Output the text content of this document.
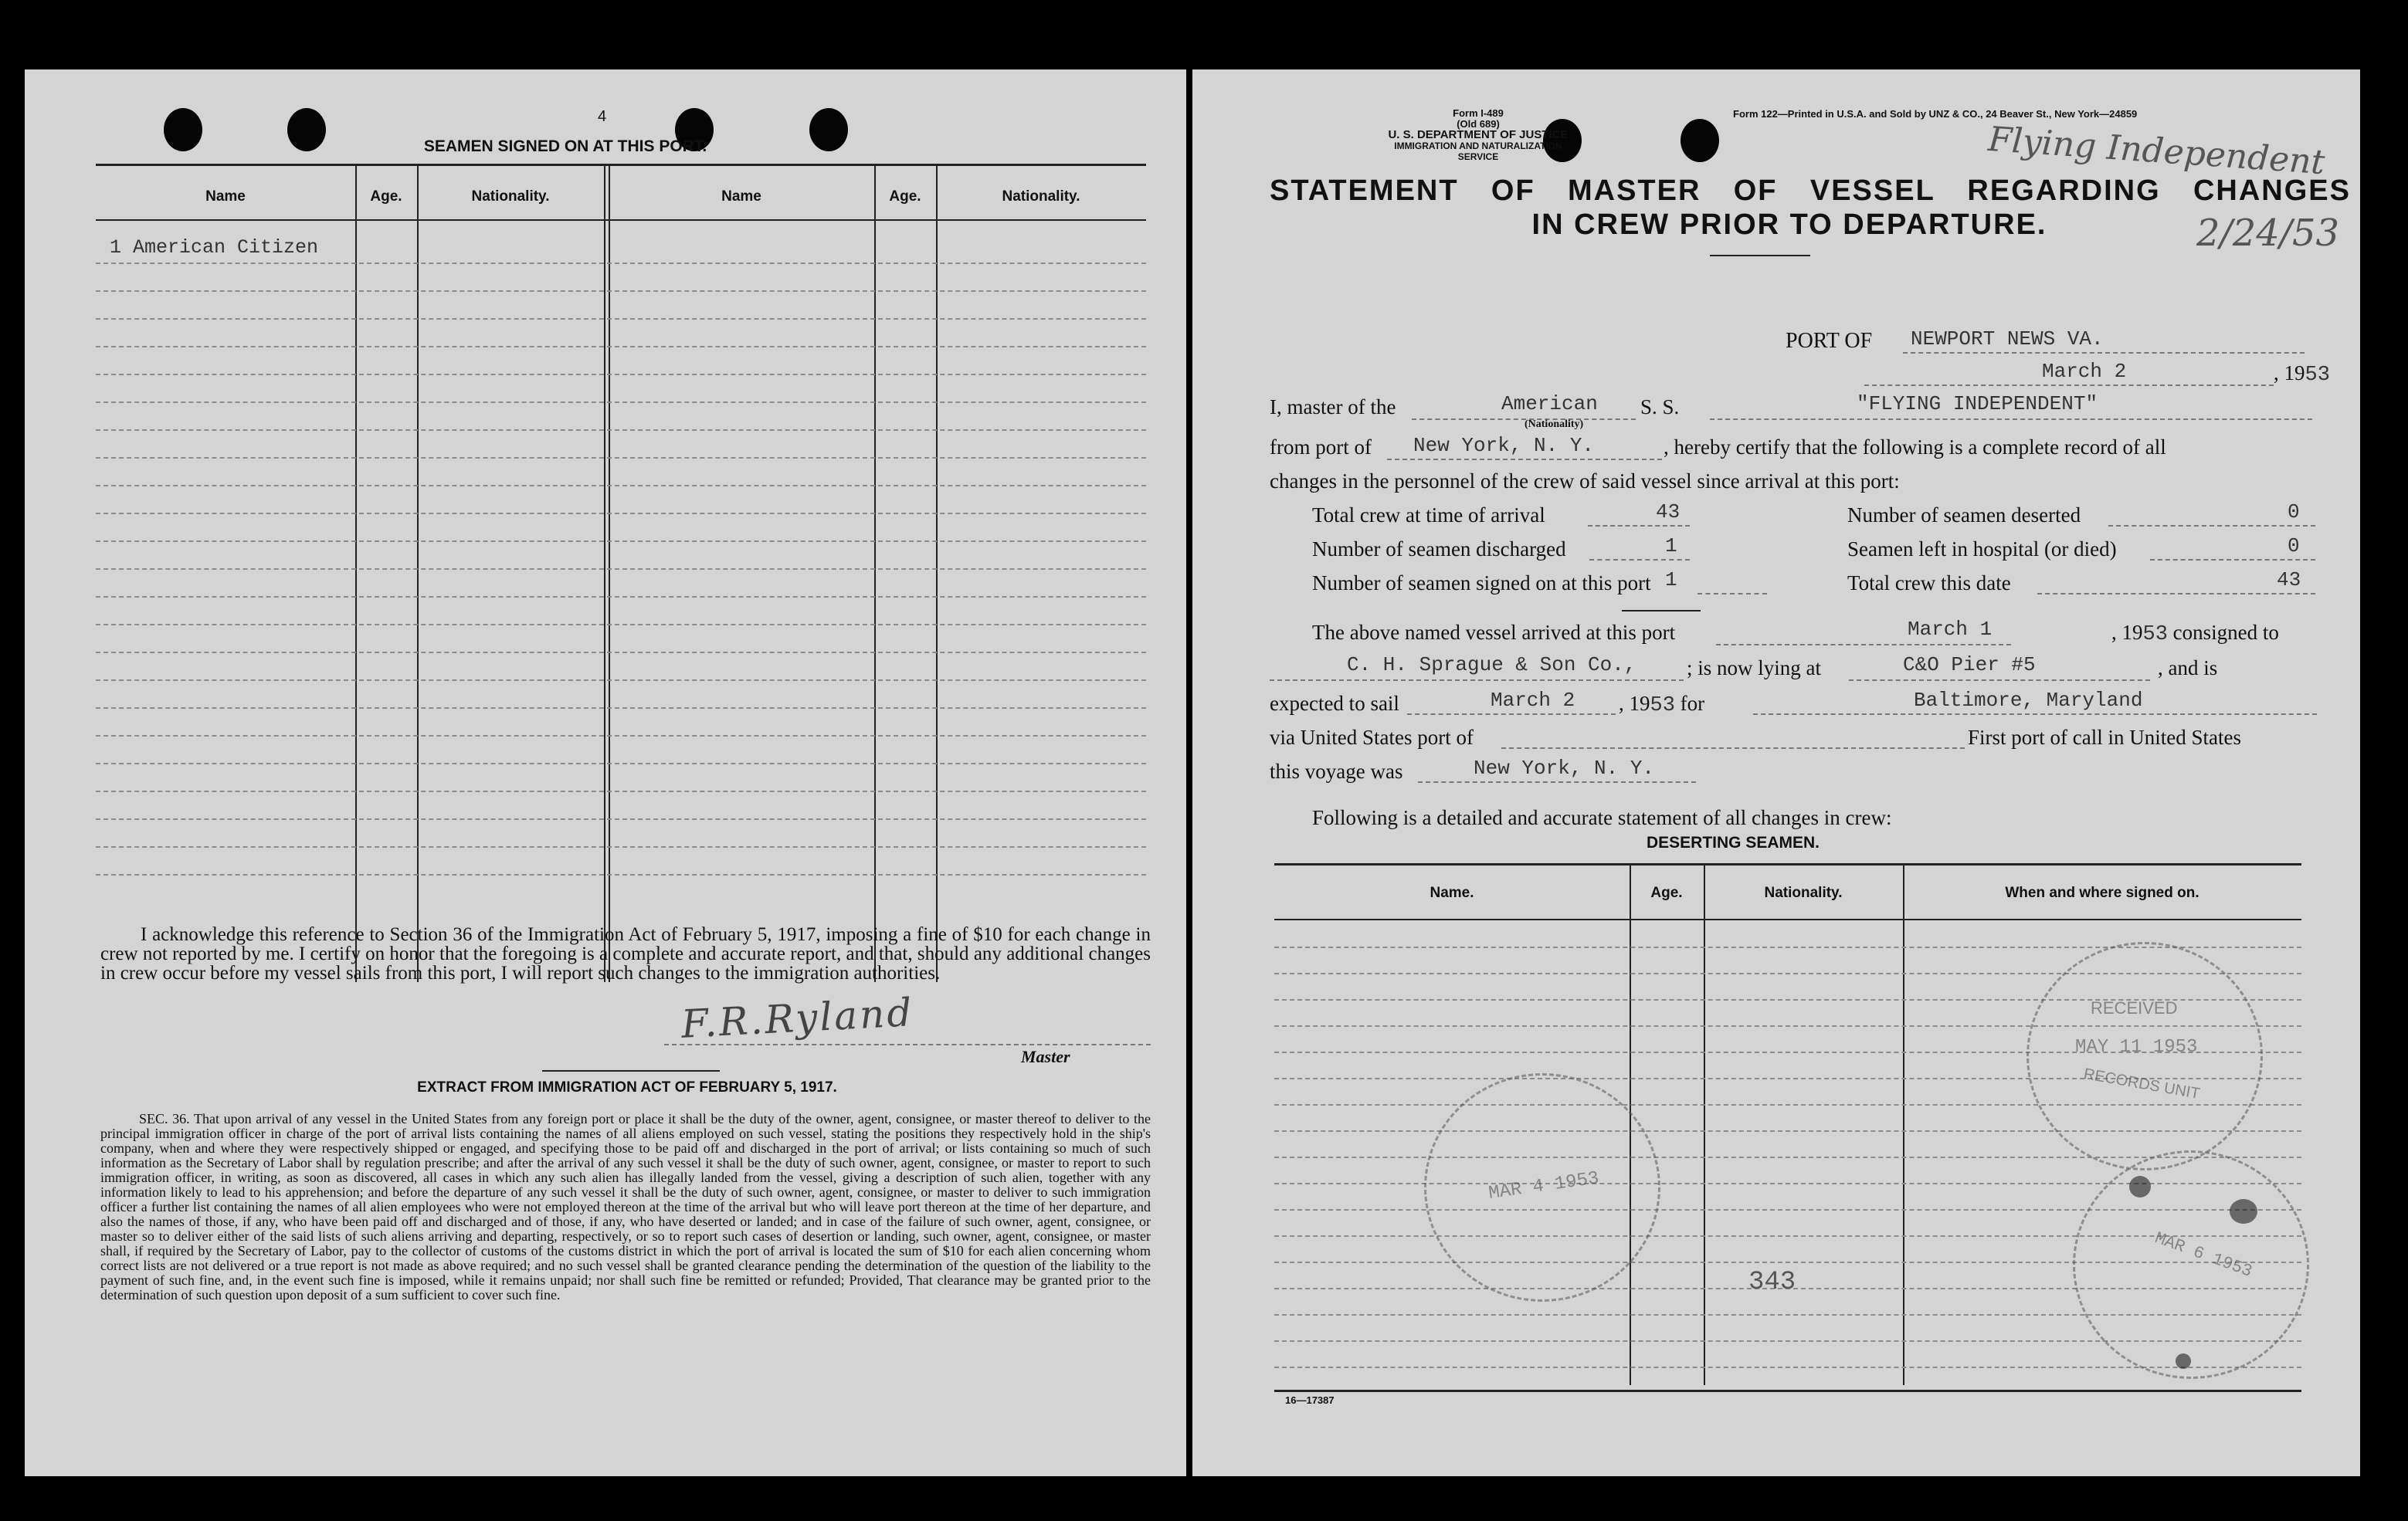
4
SEAMEN SIGNED ON AT THIS PORT.
Name	Age.	Nationality.	Name	Age.	Nationality.
1 American Citizen
I acknowledge this reference to Section 36 of the Immigration Act of February 5, 1917, imposing a fine of $10 for each change in crew not reported by me. I certify on honor that the foregoing is a complete and accurate report, and that, should any additional changes in crew occur before my vessel sails from this port, I will report such changes to the immigration authorities.
F.R.Ryland
Master
EXTRACT FROM IMMIGRATION ACT OF FEBRUARY 5, 1917.
SEC. 36. That upon arrival of any vessel in the United States from any foreign port or place it shall be the duty of the owner, agent, consignee, or master thereof to deliver to the principal immigration officer in charge of the port of arrival lists containing the names of all aliens employed on such vessel, stating the positions they respectively hold in the ship's company, when and where they were respectively shipped or engaged, and specifying those to be paid off and discharged in the port of arrival; or lists containing so much of such information as the Secretary of Labor shall by regulation prescribe; and after the arrival of any such vessel it shall be the duty of such owner, agent, consignee, or master to report to such immigration officer, in writing, as soon as discovered, all cases in which any such alien has illegally landed from the vessel, giving a description of such alien, together with any information likely to lead to his apprehension; and before the departure of any such vessel it shall be the duty of such owner, agent, consignee, or master to deliver to such immigration officer a further list containing the names of all alien employees who were not employed thereon at the time of the arrival but who will leave port thereon at the time of her departure, and also the names of those, if any, who have been paid off and discharged and of those, if any, who have deserted or landed; and in case of the failure of such owner, agent, consignee, or master so to deliver either of the said lists of such aliens arriving and departing, respectively, or so to report such cases of desertion or landing, such owner, agent, consignee, or master shall, if required by the Secretary of Labor, pay to the collector of customs of the customs district in which the port of arrival is located the sum of $10 for each alien concerning whom correct lists are not delivered or a true report is not made as above required; and no such vessel shall be granted clearance pending the determination of the question of the liability to the payment of such fine, and, in the event such fine is imposed, while it remains unpaid; nor shall such fine be remitted or refunded; Provided, That clearance may be granted prior to the determination of such question upon deposit of a sum sufficient to cover such fine.
Form I-489
(Old 689)
U. S. DEPARTMENT OF JUSTICE
IMMIGRATION AND NATURALIZATION SERVICE
Form 122—Printed in U.S.A. and Sold by UNZ & CO., 24 Beaver St., New York—24859
Flying Independent
2/24/53
STATEMENT OF MASTER OF VESSEL REGARDING CHANGES
IN CREW PRIOR TO DEPARTURE.
PORT OF NEWPORT NEWS VA.
March 2	, 1953
I, master of the	American
(Nationality)
S. S.	"FLYING INDEPENDENT"
from port of New York, N. Y.	, hereby certify that the following is a complete record of all
changes in the personnel of the crew of said vessel since arrival at this port:
Total crew at time of arrival	43
Number of seamen discharged	1
Number of seamen signed on at this port 1
Number of seamen deserted	0
Seamen left in hospital (or died)	0
Total crew this date	43
The above named vessel arrived at this port	March 1	, 1953 consigned to
C. H. Sprague & Son Co., ; is now lying at	C&O Pier #5	, and is
expected to sail	March 2 , 1953 for	Baltimore, Maryland
via United States port of	First port of call in United States
this voyage was	New York, N. Y.
Following is a detailed and accurate statement of all changes in crew:
DESERTING SEAMEN.
Name.	Age.	Nationality.	When and where signed on.
343
RECEIVED
MAY 11 1953
RECORDS UNIT
MAR 4 1953
MAR 6 1953
16—17387
